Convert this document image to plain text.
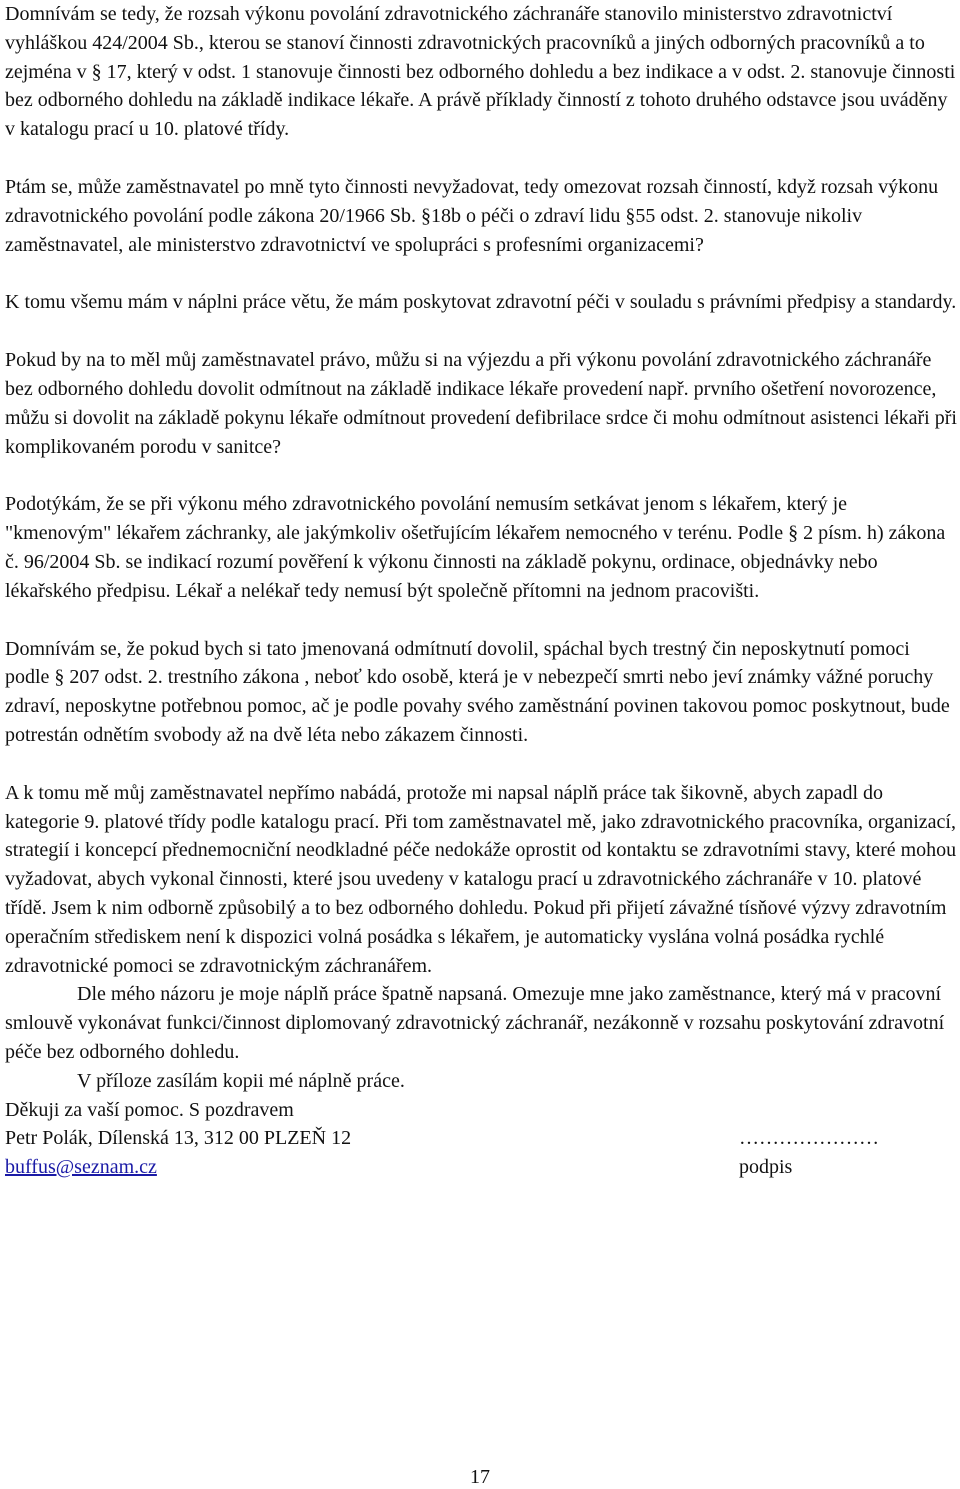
Domnívám se tedy, že rozsah výkonu povolání zdravotnického záchranáře stanovilo ministerstvo zdravotnictví vyhláškou 424/2004 Sb., kterou se stanoví činnosti zdravotnických pracovníků a jiných odborných pracovníků a to zejména v § 17, který v odst. 1 stanovuje činnosti bez odborného dohledu a bez indikace a v odst. 2. stanovuje činnosti bez odborného dohledu na základě indikace lékaře. A právě příklady činností z tohoto druhého odstavce jsou uváděny v katalogu prací u 10. platové třídy.

Ptám se, může zaměstnavatel po mně tyto činnosti nevyžadovat, tedy omezovat rozsah činností, když rozsah výkonu zdravotnického povolání podle zákona 20/1966 Sb. §18b o péči o zdraví lidu §55 odst. 2. stanovuje nikoliv zaměstnavatel, ale ministerstvo zdravotnictví ve spolupráci s profesními organizacemi?

K tomu všemu mám v náplni práce větu, že mám poskytovat zdravotní péči v souladu s právními předpisy a standardy.

Pokud by na to měl můj zaměstnavatel právo, můžu si na výjezdu a při výkonu povolání zdravotnického záchranáře bez odborného dohledu dovolit odmítnout na základě indikace lékaře provedení např. prvního ošetření novorozence, můžu si dovolit na základě pokynu lékaře odmítnout provedení defibrilace srdce či mohu odmítnout asistenci lékaři při komplikovaném porodu v sanitce?

Podotýkám, že se při výkonu mého zdravotnického povolání nemusím setkávat jenom s lékařem, který je "kmenovým" lékařem záchranky, ale jakýmkoliv ošetřujícím lékařem nemocného v terénu. Podle § 2 písm. h) zákona č. 96/2004 Sb. se indikací rozumí pověření k výkonu činnosti na základě pokynu, ordinace, objednávky nebo lékařského předpisu. Lékař a nelékař tedy nemusí být společně přítomni na jednom pracovišti.

Domnívám se, že pokud bych si tato jmenovaná odmítnutí dovolil, spáchal bych trestný čin neposkytnutí pomoci podle § 207 odst. 2. trestního zákona , neboť kdo osobě, která je v nebezpečí smrti nebo jeví známky vážné poruchy zdraví, neposkytne potřebnou pomoc, ač je podle povahy svého zaměstnání povinen takovou pomoc poskytnout, bude potrestán odnětím svobody až na dvě léta nebo zákazem činnosti.

A k tomu mě můj zaměstnavatel nepřímo nabádá, protože mi napsal náplň práce tak šikovně, abych zapadl do kategorie 9. platové třídy podle katalogu prací. Při tom zaměstnavatel mě, jako zdravotnického pracovníka, organizací, strategií i koncepcí přednemocniční neodkladné péče nedokáže oprostit od kontaktu se zdravotními stavy, které mohou vyžadovat, abych vykonal činnosti, které jsou uvedeny v katalogu prací u zdravotnického záchranáře v 10. platové třídě. Jsem k nim odborně způsobilý a to bez odborného dohledu. Pokud při přijetí závažné tísňové výzvy zdravotním operačním střediskem není k dispozici volná posádka s lékařem, je automaticky vyslána volná posádka rychlé zdravotnické pomoci se zdravotnickým záchranářem.

Dle mého názoru je moje náplň práce špatně napsaná. Omezuje mne jako zaměstnance, který má v pracovní smlouvě vykonávat funkci/činnost diplomovaný zdravotnický záchranář, nezákonně v rozsahu poskytování zdravotní péče bez odborného dohledu.

V příloze zasílám kopii mé náplně práce.

Děkuji za vaší pomoc. S pozdravem

Petr Polák, Dílenská 13, 312 00 PLZEŇ 12	…………………
buffus@seznam.cz	podpis
17
